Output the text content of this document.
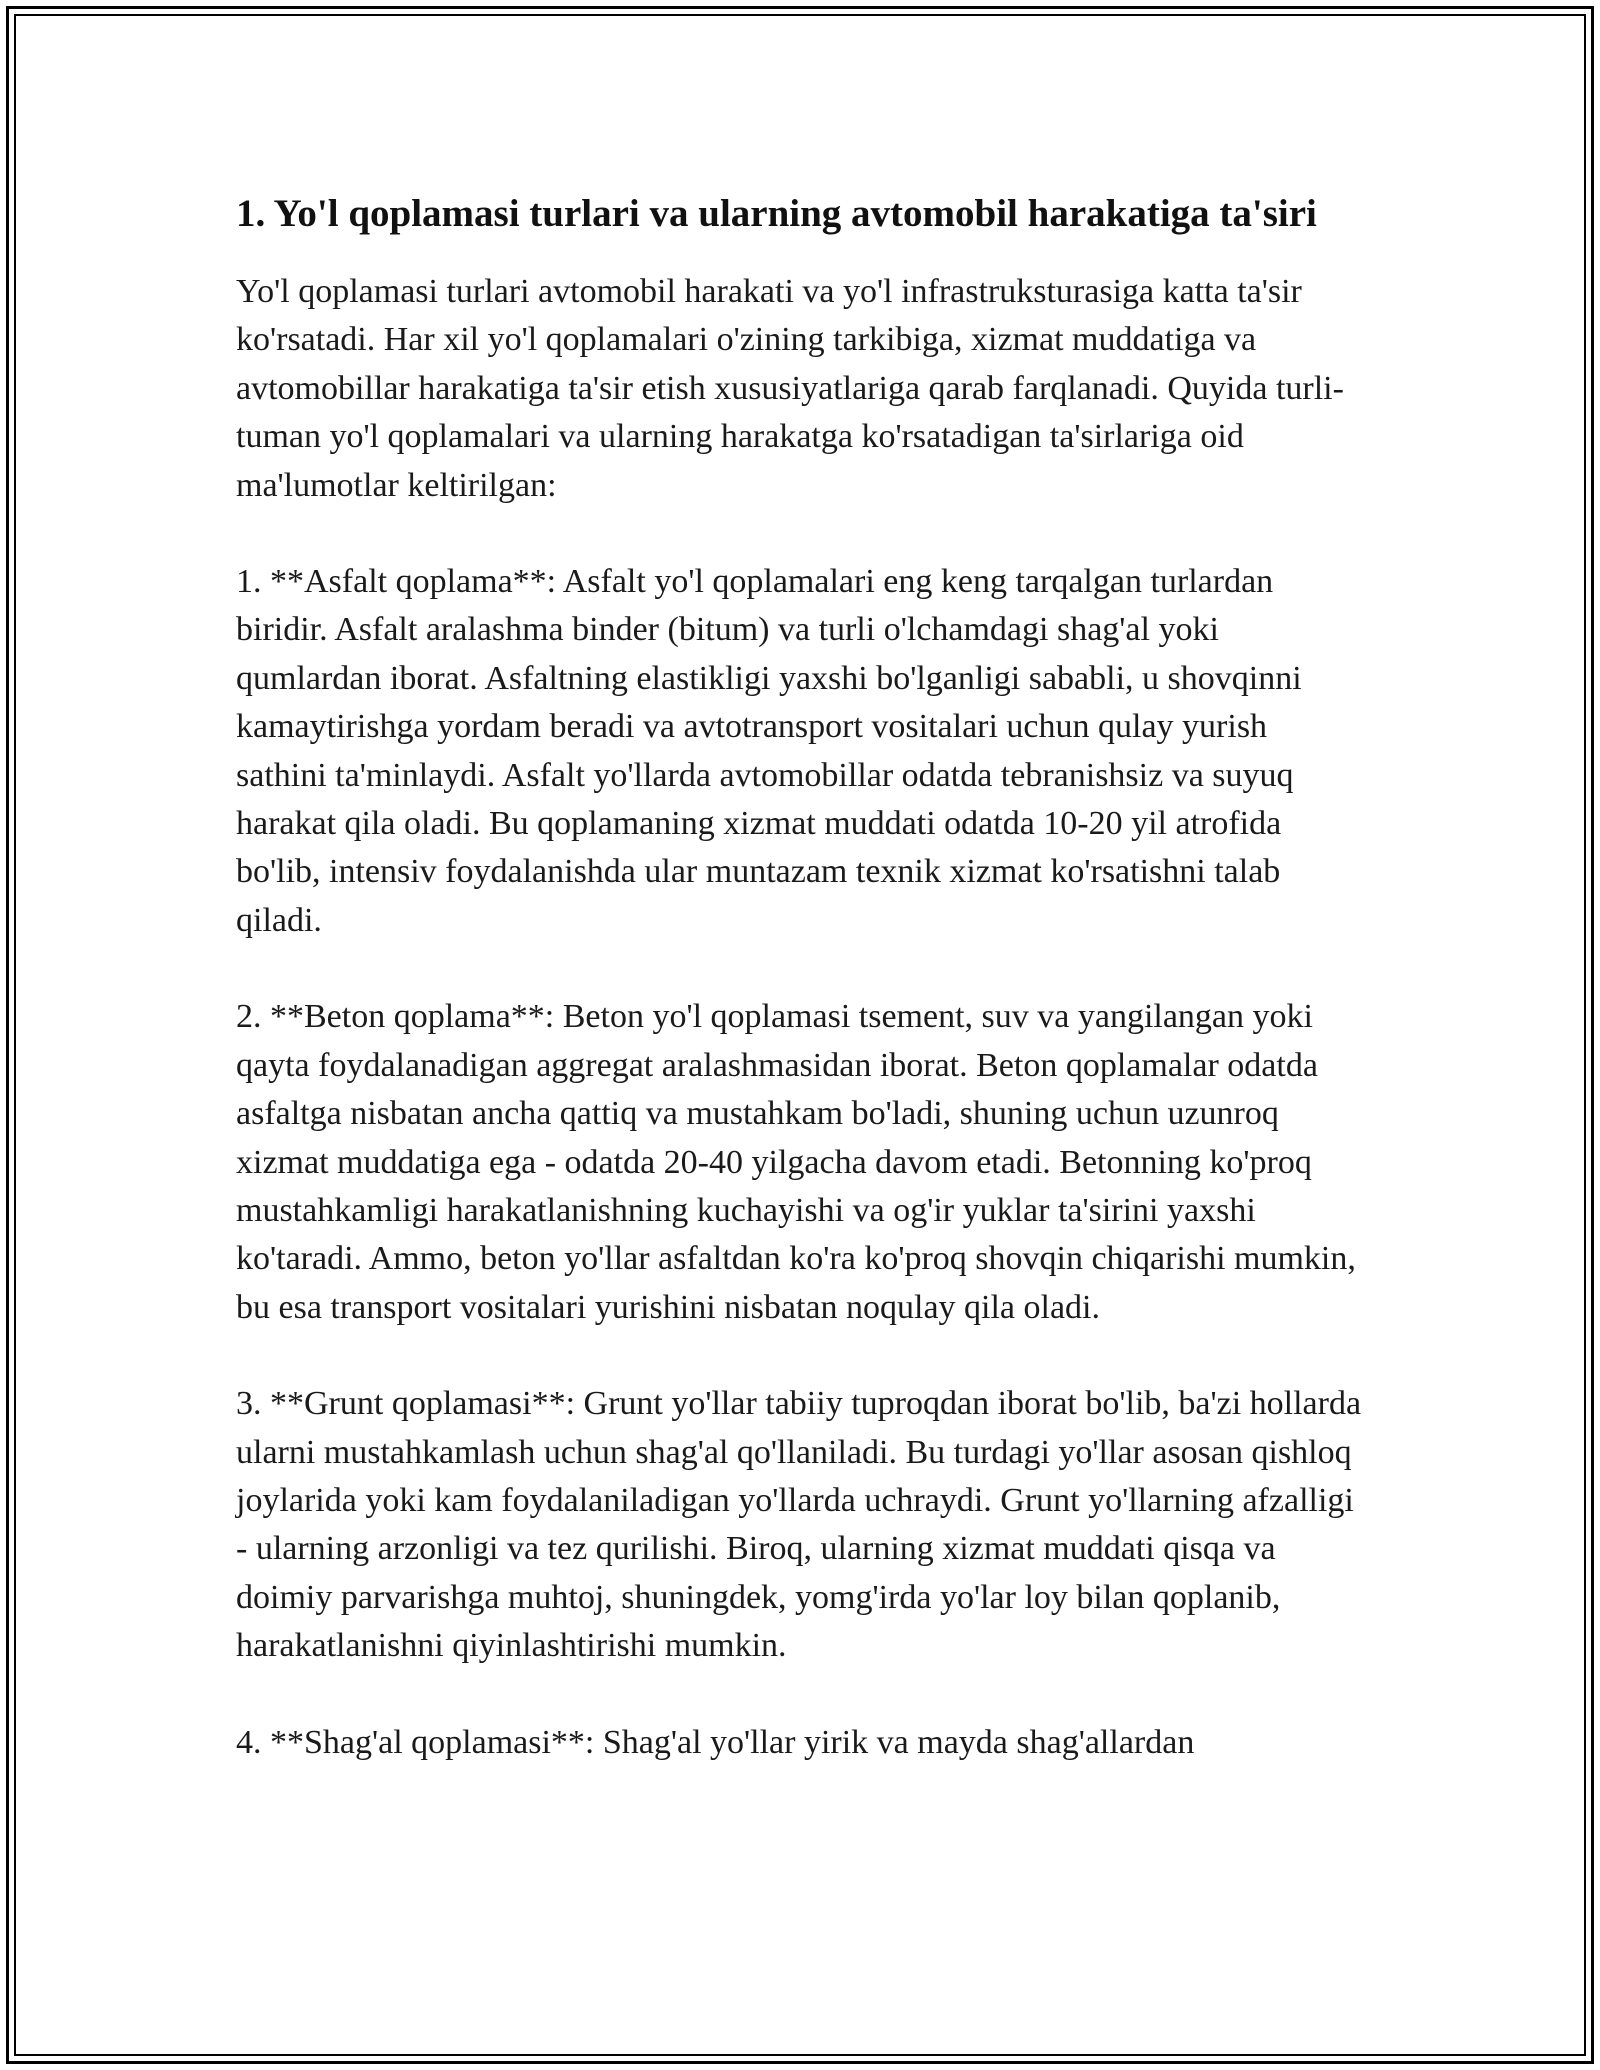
1. Yo'l qoplamasi turlari va ularning avtomobil harakatiga ta'siri

Yo'l qoplamasi turlari avtomobil harakati va yo'l infrastruksturasiga katta ta'sir ko'rsatadi. Har xil yo'l qoplamalari o'zining tarkibiga, xizmat muddatiga va avtomobillar harakatiga ta'sir etish xususiyatlariga qarab farqlanadi. Quyida turli-tuman yo'l qoplamalari va ularning harakatga ko'rsatadigan ta'sirlariga oid ma'lumotlar keltirilgan:

1. **Asfalt qoplama**: Asfalt yo'l qoplamalari eng keng tarqalgan turlardan biridir. Asfalt aralashma binder (bitum) va turli o'lchamdagi shag'al yoki qumlardan iborat. Asfaltning elastikligi yaxshi bo'lganligi sababli, u shovqinni kamaytirishga yordam beradi va avtotransport vositalari uchun qulay yurish sathini ta'minlaydi. Asfalt yo'llarda avtomobillar odatda tebranishsiz va suyuq harakat qila oladi. Bu qoplamaning xizmat muddati odatda 10-20 yil atrofida bo'lib, intensiv foydalanishda ular muntazam texnik xizmat ko'rsatishni talab qiladi.

2. **Beton qoplama**: Beton yo'l qoplamasi tsement, suv va yangilangan yoki qayta foydalanadigan aggregat aralashmasidan iborat. Beton qoplamalar odatda asfaltga nisbatan ancha qattiq va mustahkam bo'ladi, shuning uchun uzunroq xizmat muddatiga ega - odatda 20-40 yilgacha davom etadi. Betonning ko'proq mustahkamligi harakatlanishning kuchayishi va og'ir yuklar ta'sirini yaxshi ko'taradi. Ammo, beton yo'llar asfaltdan ko'ra ko'proq shovqin chiqarishi mumkin, bu esa transport vositalari yurishini nisbatan noqulay qila oladi.

3. **Grunt qoplamasi**: Grunt yo'llar tabiiy tuproqdan iborat bo'lib, ba'zi hollarda ularni mustahkamlash uchun shag'al qo'llaniladi. Bu turdagi yo'llar asosan qishloq joylarida yoki kam foydalaniladigan yo'llarda uchraydi. Grunt yo'llarning afzalligi - ularning arzonligi va tez qurilishi. Biroq, ularning xizmat muddati qisqa va doimiy parvarishga muhtoj, shuningdek, yomg'irda yo'lar loy bilan qoplanib, harakatlanishni qiyinlashtirishi mumkin.

4. **Shag'al qoplamasi**: Shag'al yo'llar yirik va mayda shag'allardan
